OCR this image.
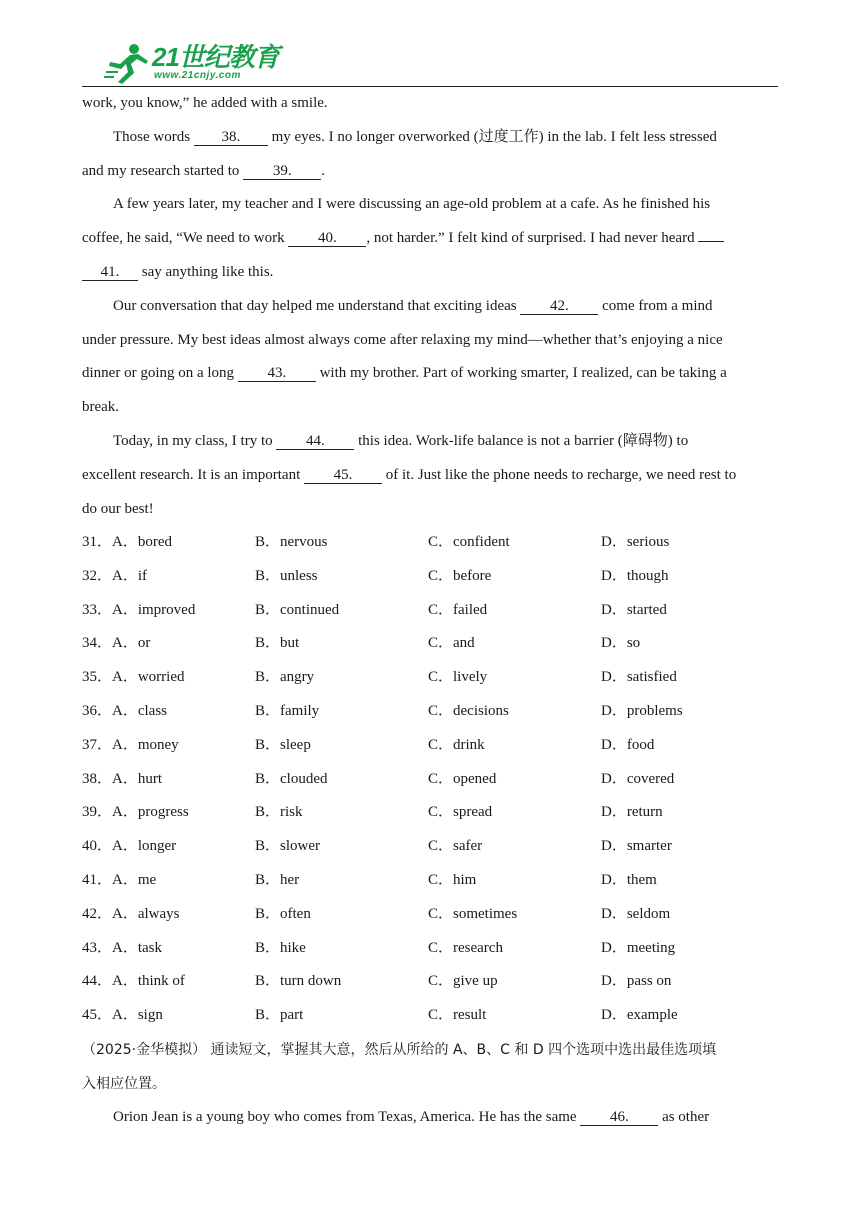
21世纪教育
www.21cnjy.com
work, you know,” he added with a smile.
Those words 38. my eyes. I no longer overworked (过度工作) in the lab. I felt less stressed
and my research started to 39. .
A few years later, my teacher and I were discussing an age-old problem at a cafe. As he finished his
coffee, he said, “We need to work 40. , not harder.” I felt kind of surprised. I had never heard
41. say anything like this.
Our conversation that day helped me understand that exciting ideas 42. come from a mind
under pressure. My best ideas almost always come after relaxing my mind—whether that’s enjoying a nice
dinner or going on a long 43. with my brother. Part of working smarter, I realized, can be taking a
break.
Today, in my class, I try to 44. this idea. Work-life balance is not a barrier (障碍物) to
excellent research. It is an important 45. of it. Just like the phone needs to recharge, we need rest to
do our best!
31．A．bored	B．nervous	C．confident	D．serious
32．A．if	B．unless	C．before	D．though
33．A．improved	B．continued	C．failed	D．started
34．A．or	B．but	C．and	D．so
35．A．worried	B．angry	C．lively	D．satisfied
36．A．class	B．family	C．decisions	D．problems
37．A．money	B．sleep	C．drink	D．food
38．A．hurt	B．clouded	C．opened	D．covered
39．A．progress	B．risk	C．spread	D．return
40．A．longer	B．slower	C．safer	D．smarter
41．A．me	B．her	C．him	D．them
42．A．always	B．often	C．sometimes	D．seldom
43．A．task	B．hike	C．research	D．meeting
44．A．think of	B．turn down	C．give up	D．pass on
45．A．sign	B．part	C．result	D．example
（2025·金华模拟） 通读短文，掌握其大意，然后从所给的 A、B、C 和 D 四个选项中选出最佳选项填
入相应位置。
Orion Jean is a young boy who comes from Texas, America. He has the same 46. as other
